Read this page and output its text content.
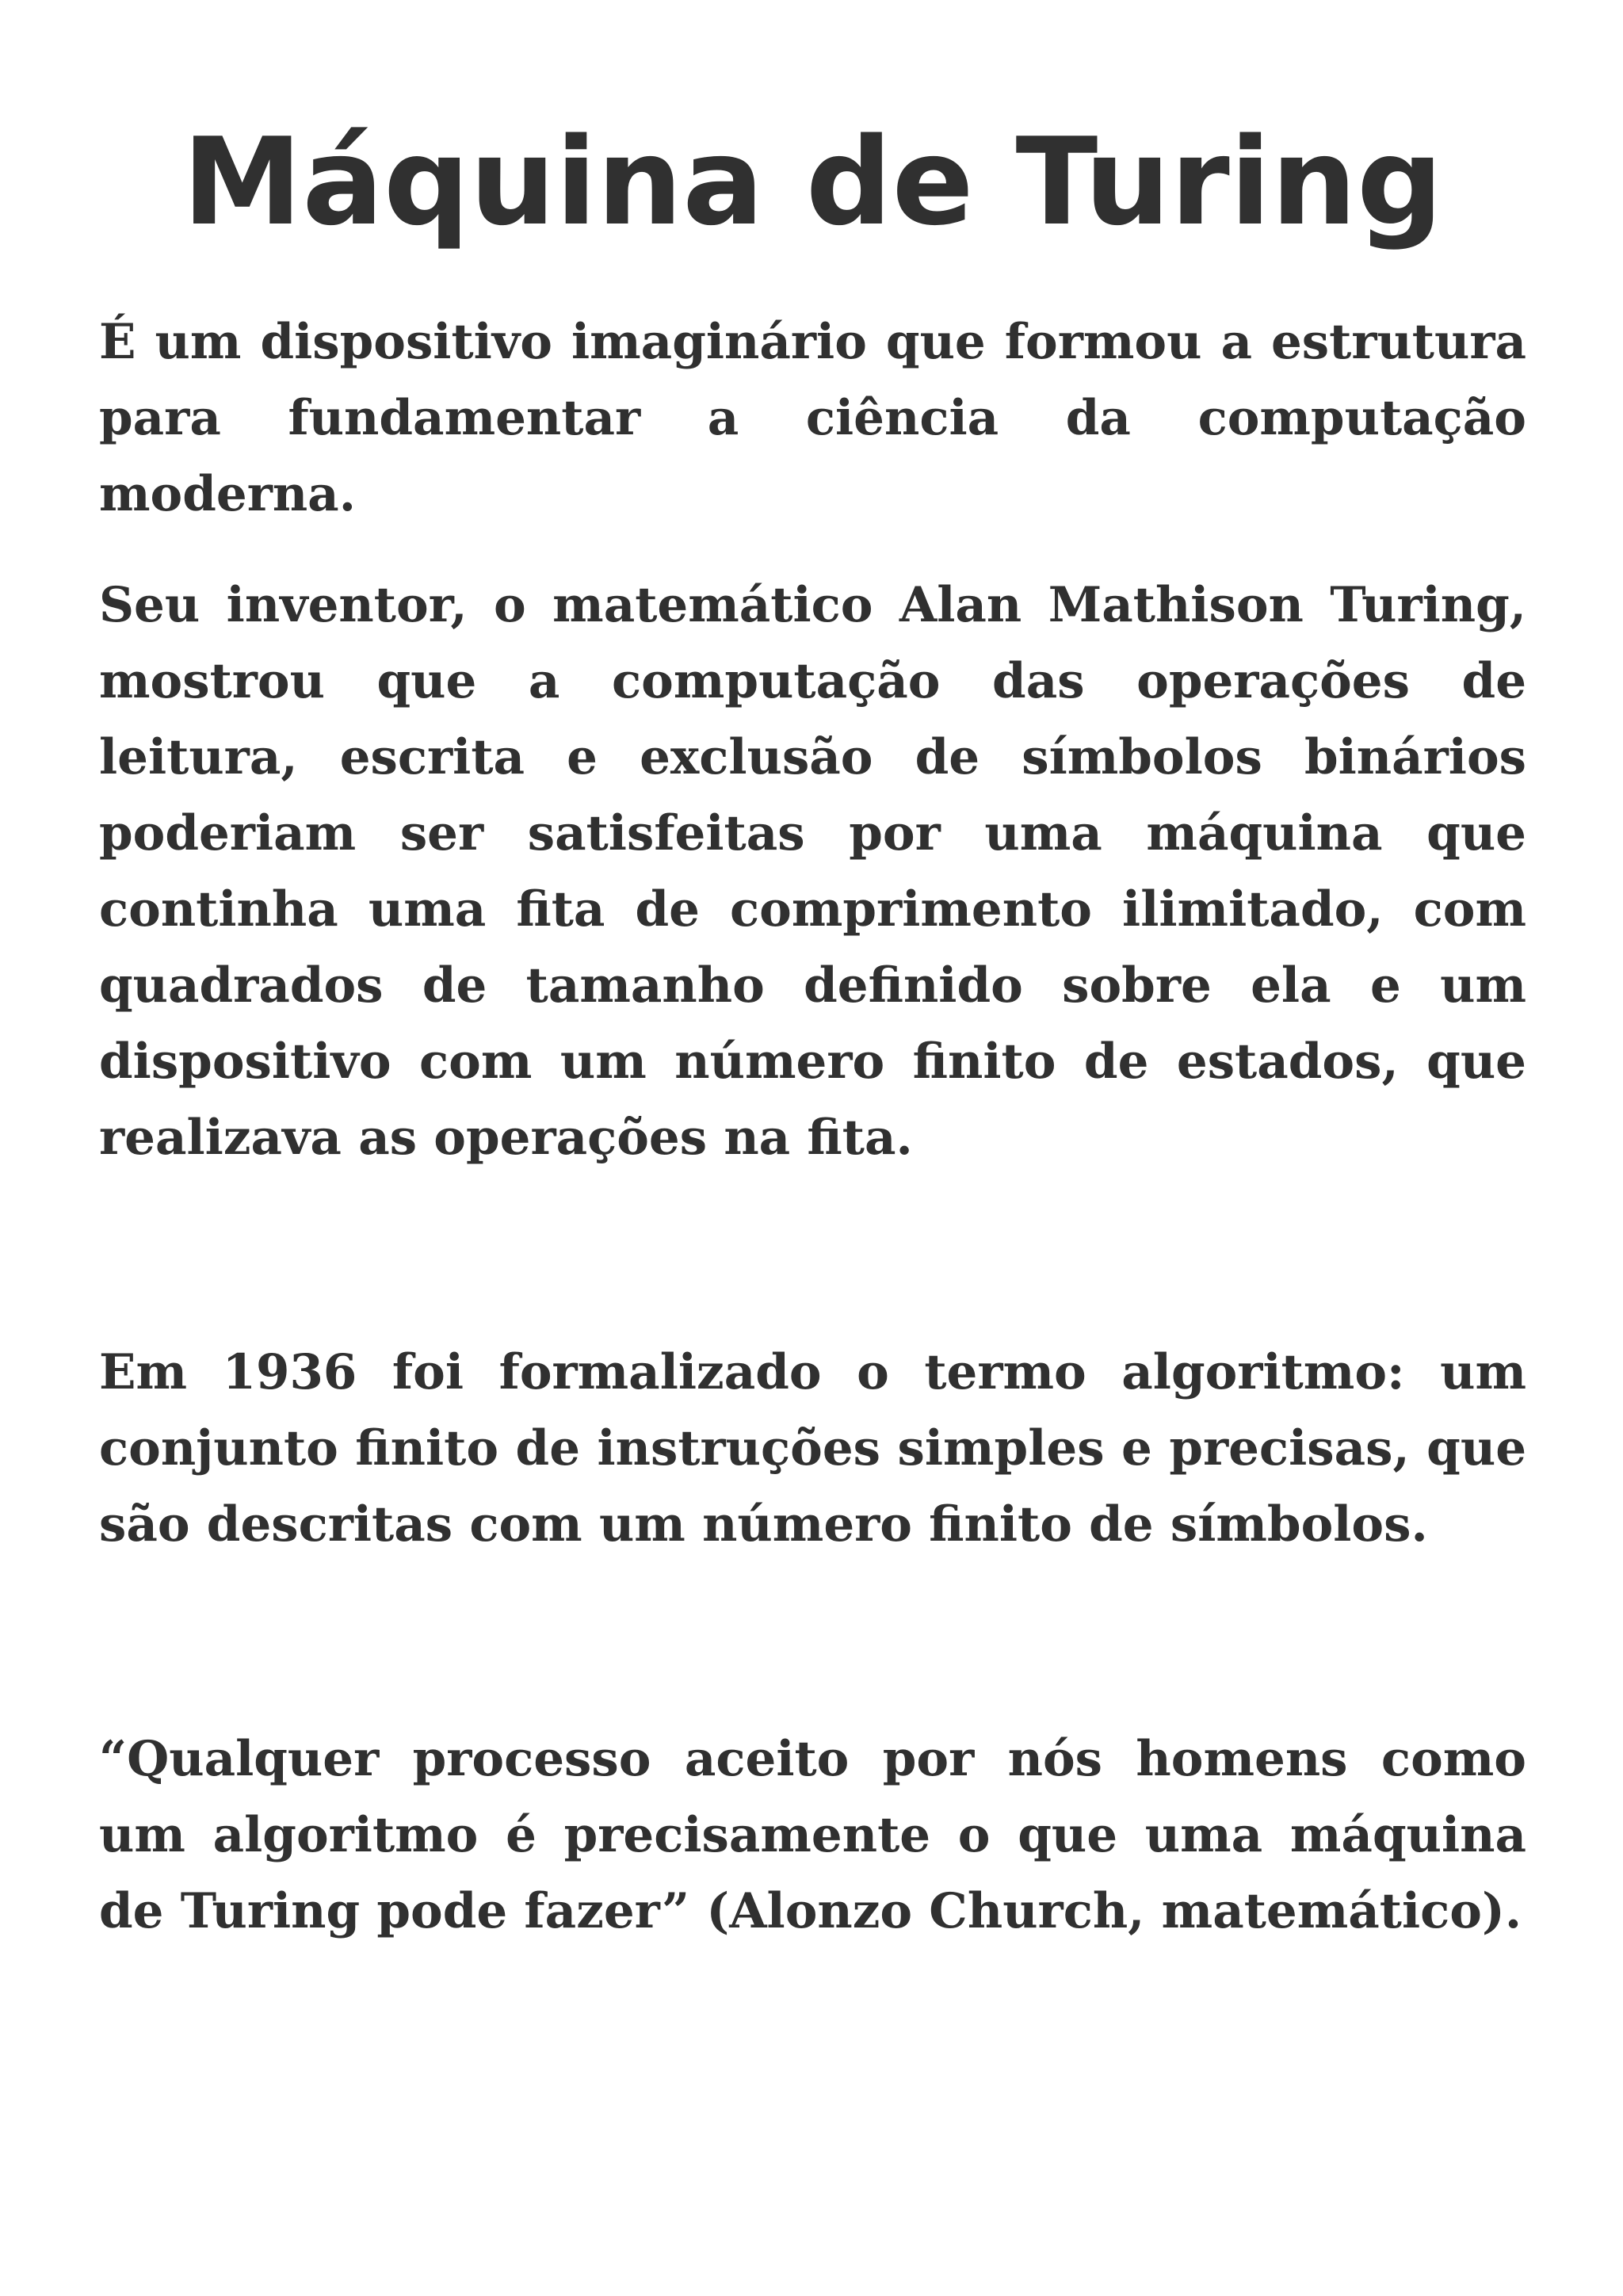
Máquina de Turing

É um dispositivo imaginário que formou a estrutura para fundamentar a ciência da computação moderna.

Seu inventor, o matemático Alan Mathison Turing, mostrou que a computação das operações de leitura, escrita e exclusão de símbolos binários poderiam ser satisfeitas por uma máquina que continha uma fita de comprimento ilimitado, com quadrados de tamanho definido sobre ela e um dispositivo com um número finito de estados, que realizava as operações na fita.

Em 1936 foi formalizado o termo algoritmo: um conjunto finito de instruções simples e precisas, que são descritas com um número finito de símbolos.

“Qualquer processo aceito por nós homens como um algoritmo é precisamente o que uma máquina de Turing pode fazer” (Alonzo Church, matemático).
